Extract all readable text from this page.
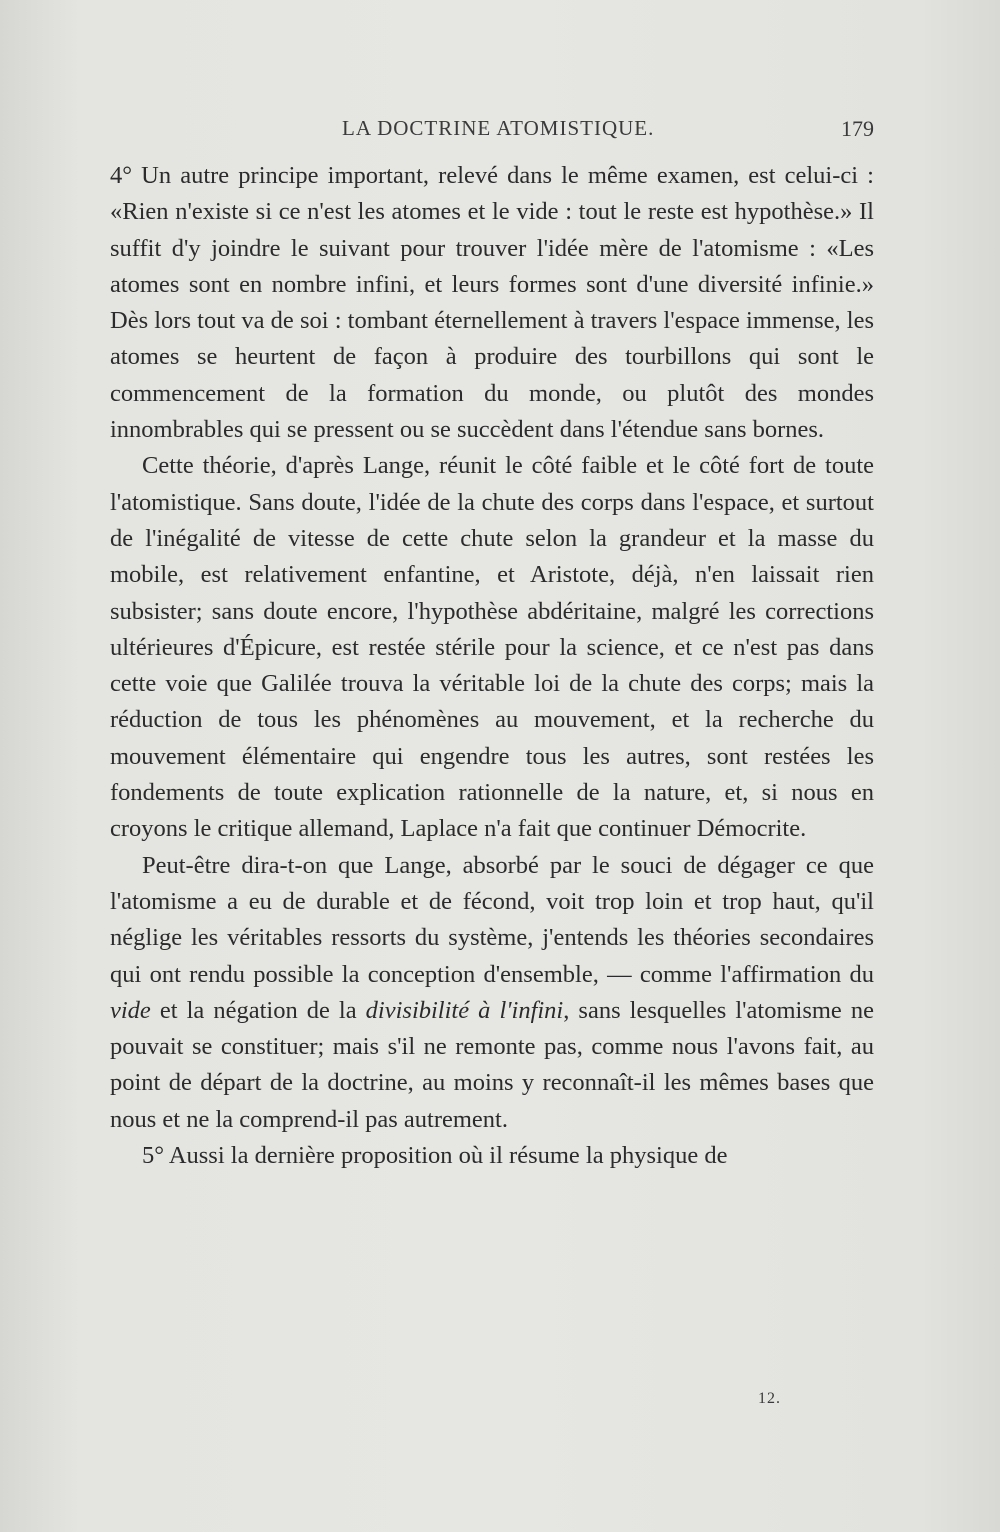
LA DOCTRINE ATOMISTIQUE.	179

4° Un autre principe important, relevé dans le même examen, est celui-ci : «Rien n'existe si ce n'est les atomes et le vide : tout le reste est hypothèse.» Il suffit d'y joindre le suivant pour trouver l'idée mère de l'atomisme : «Les atomes sont en nombre infini, et leurs formes sont d'une diversité infinie.» Dès lors tout va de soi : tombant éternellement à travers l'espace immense, les atomes se heurtent de façon à produire des tourbillons qui sont le commencement de la formation du monde, ou plutôt des mondes innombrables qui se pressent ou se succèdent dans l'étendue sans bornes.

Cette théorie, d'après Lange, réunit le côté faible et le côté fort de toute l'atomistique. Sans doute, l'idée de la chute des corps dans l'espace, et surtout de l'inégalité de vitesse de cette chute selon la grandeur et la masse du mobile, est relativement enfantine, et Aristote, déjà, n'en laissait rien subsister; sans doute encore, l'hypothèse abdéritaine, malgré les corrections ultérieures d'Épicure, est restée stérile pour la science, et ce n'est pas dans cette voie que Galilée trouva la véritable loi de la chute des corps; mais la réduction de tous les phénomènes au mouvement, et la recherche du mouvement élémentaire qui engendre tous les autres, sont restées les fondements de toute explication rationnelle de la nature, et, si nous en croyons le critique allemand, Laplace n'a fait que continuer Démocrite.

Peut-être dira-t-on que Lange, absorbé par le souci de dégager ce que l'atomisme a eu de durable et de fécond, voit trop loin et trop haut, qu'il néglige les véritables ressorts du système, j'entends les théories secondaires qui ont rendu possible la conception d'ensemble, — comme l'affirmation du vide et la négation de la divisibilité à l'infini, sans lesquelles l'atomisme ne pouvait se constituer; mais s'il ne remonte pas, comme nous l'avons fait, au point de départ de la doctrine, au moins y reconnaît-il les mêmes bases que nous et ne la comprend-il pas autrement.

5° Aussi la dernière proposition où il résume la physique de

12.
